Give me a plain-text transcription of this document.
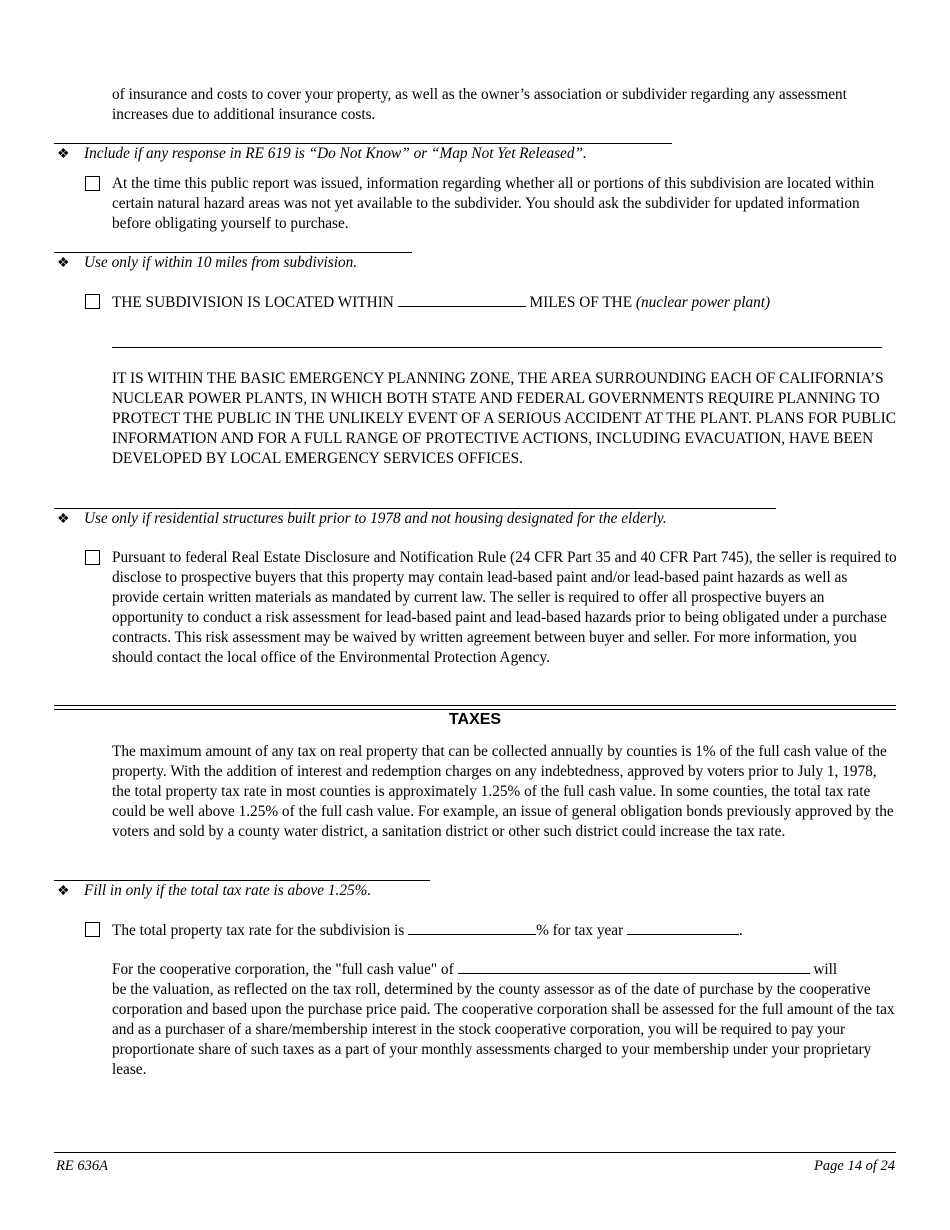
of insurance and costs to cover your property, as well as the owner’s association or subdivider regarding any assessment increases due to additional insurance costs.

❖ Include if any response in RE 619 is “Do Not Know” or “Map Not Yet Released”.

At the time this public report was issued, information regarding whether all or portions of this subdivision are located within certain natural hazard areas was not yet available to the subdivider. You should ask the subdivider for updated information before obligating yourself to purchase.

❖ Use only if within 10 miles from subdivision.
THE SUBDIVISION IS LOCATED WITHIN	MILES OF THE (nuclear power plant)

IT IS WITHIN THE BASIC EMERGENCY PLANNING ZONE, THE AREA SURROUNDING EACH OF CALIFORNIA’S NUCLEAR POWER PLANTS, IN WHICH BOTH STATE AND FEDERAL GOVERNMENTS REQUIRE PLANNING TO PROTECT THE PUBLIC IN THE UNLIKELY EVENT OF A SERIOUS ACCIDENT AT THE PLANT. PLANS FOR PUBLIC INFORMATION AND FOR A FULL RANGE OF PROTECTIVE ACTIONS, INCLUDING EVACUATION, HAVE BEEN DEVELOPED BY LOCAL EMERGENCY SERVICES OFFICES.

❖ Use only if residential structures built prior to 1978 and not housing designated for the elderly.

Pursuant to federal Real Estate Disclosure and Notification Rule (24 CFR Part 35 and 40 CFR Part 745), the seller is required to disclose to prospective buyers that this property may contain lead-based paint and/or lead-based paint hazards as well as provide certain written materials as mandated by current law. The seller is required to offer all prospective buyers an opportunity to conduct a risk assessment for lead-based paint and lead-based hazards prior to being obligated under a purchase contracts. This risk assessment may be waived by written agreement between buyer and seller. For more information, you should contact the local office of the Environmental Protection Agency.

TAXES

The maximum amount of any tax on real property that can be collected annually by counties is 1% of the full cash value of the property. With the addition of interest and redemption charges on any indebtedness, approved by voters prior to July 1, 1978, the total property tax rate in most counties is approximately 1.25% of the full cash value. In some counties, the total tax rate could be well above 1.25% of the full cash value. For example, an issue of general obligation bonds previously approved by the voters and sold by a county water district, a sanitation district or other such district could increase the tax rate.

❖ Fill in only if the total tax rate is above 1.25%.
The total property tax rate for the subdivision is	% for tax year	.
For the cooperative corporation, the "full cash value" of	will
be the valuation, as reflected on the tax roll, determined by the county assessor as of the date of purchase by the cooperative corporation and based upon the purchase price paid. The cooperative corporation shall be assessed for the full amount of the tax and as a purchaser of a share/membership interest in the stock cooperative corporation, you will be required to pay your proportionate share of such taxes as a part of your monthly assessments charged to your membership under your proprietary lease.
RE 636A	Page 14 of 24
